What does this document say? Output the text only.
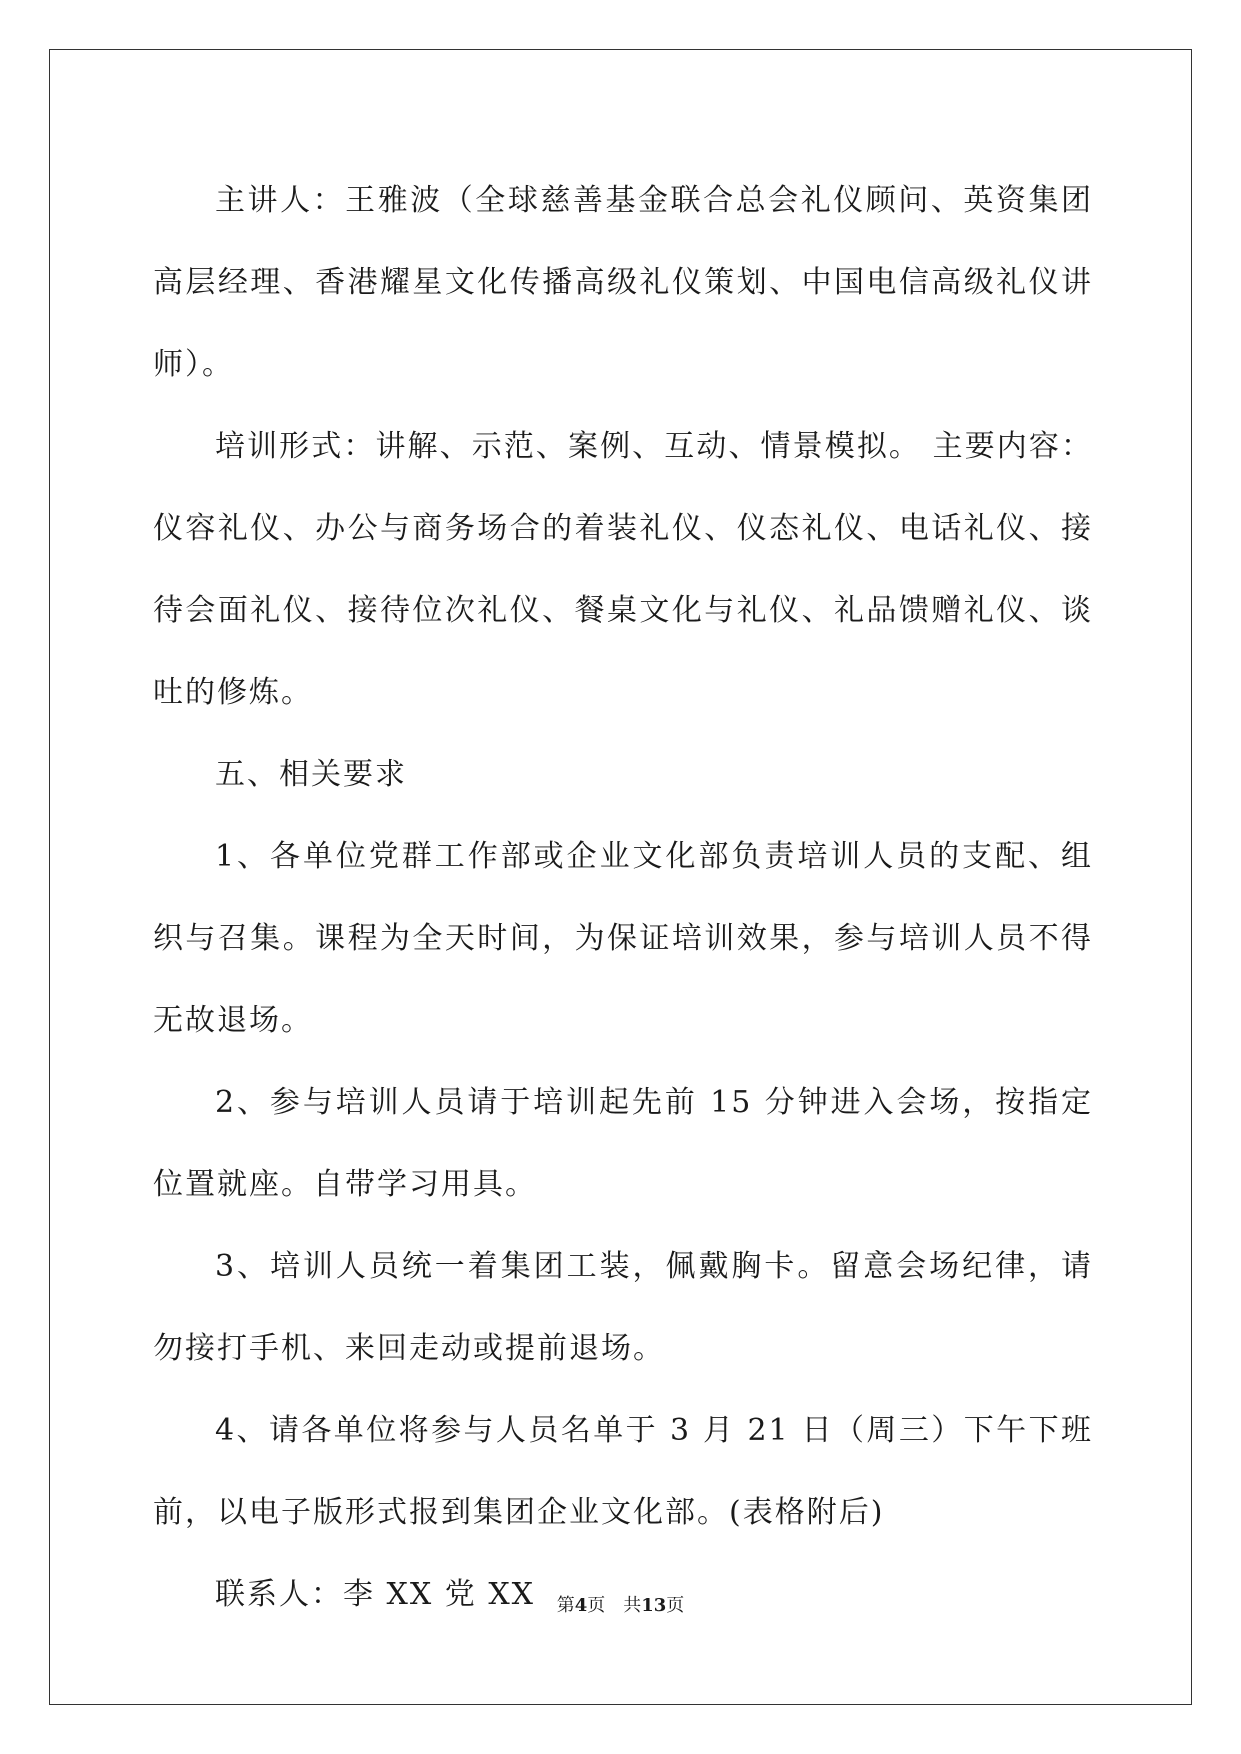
主讲人：王雅波（全球慈善基金联合总会礼仪顾问、英资集团高层经理、香港耀星文化传播高级礼仪策划、中国电信高级礼仪讲师）。

培训形式：讲解、示范、案例、互动、情景模拟。 主要内容：仪容礼仪、办公与商务场合的着装礼仪、仪态礼仪、电话礼仪、接待会面礼仪、接待位次礼仪、餐桌文化与礼仪、礼品馈赠礼仪、谈吐的修炼。

五、相关要求

1、各单位党群工作部或企业文化部负责培训人员的支配、组织与召集。课程为全天时间，为保证培训效果，参与培训人员不得无故退场。

2、参与培训人员请于培训起先前 15 分钟进入会场，按指定位置就座。自带学习用具。

3、培训人员统一着集团工装，佩戴胸卡。留意会场纪律，请勿接打手机、来回走动或提前退场。

4、请各单位将参与人员名单于 3 月 21 日（周三）下午下班前，以电子版形式报到集团企业文化部。(表格附后)

联系人：李 XX 党 XX	第4页 共13页
